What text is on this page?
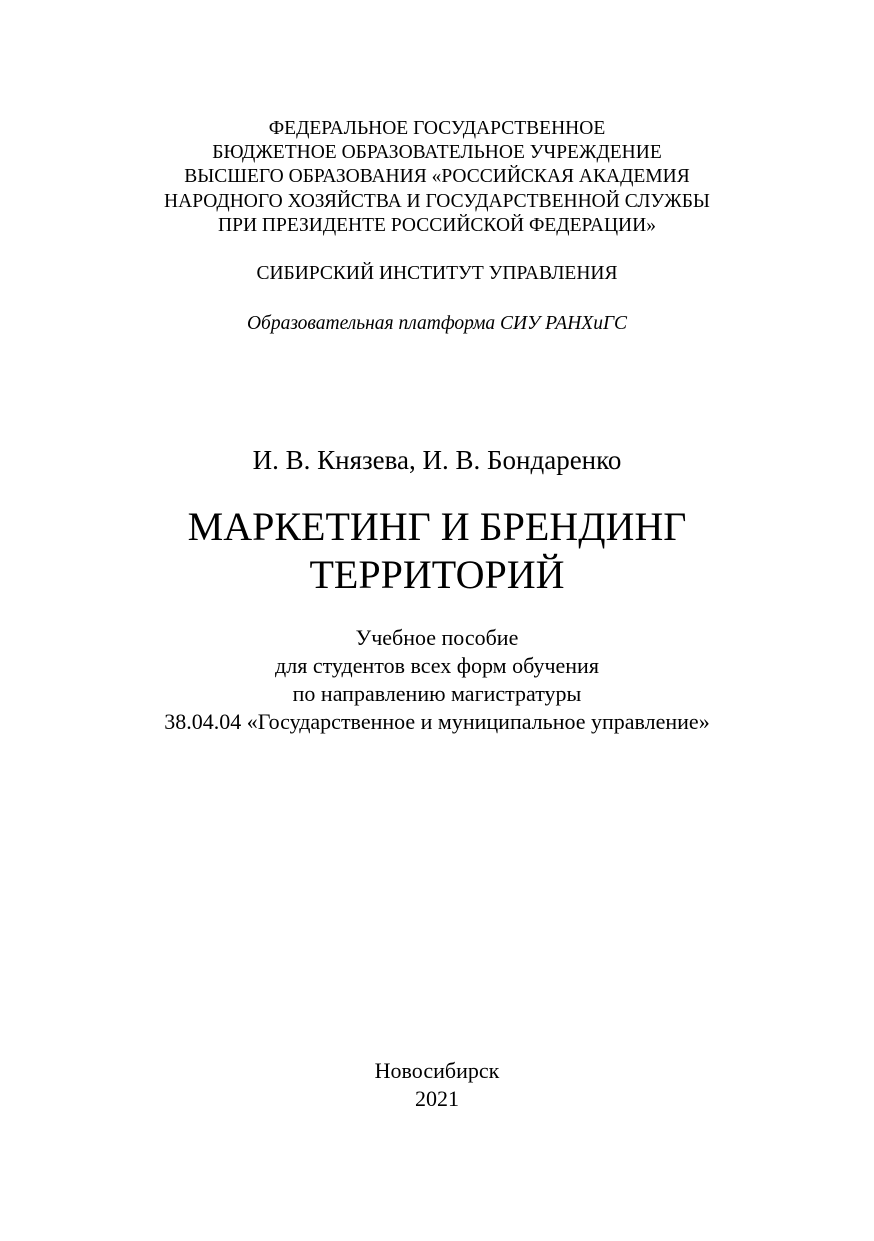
ФЕДЕРАЛЬНОЕ ГОСУДАРСТВЕННОЕ
БЮДЖЕТНОЕ ОБРАЗОВАТЕЛЬНОЕ УЧРЕЖДЕНИЕ
ВЫСШЕГО ОБРАЗОВАНИЯ «РОССИЙСКАЯ АКАДЕМИЯ
НАРОДНОГО ХОЗЯЙСТВА И ГОСУДАРСТВЕННОЙ СЛУЖБЫ
ПРИ ПРЕЗИДЕНТЕ РОССИЙСКОЙ ФЕДЕРАЦИИ»
СИБИРСКИЙ ИНСТИТУТ УПРАВЛЕНИЯ
Образовательная платформа СИУ РАНХиГС
И. В. Князева, И. В. Бондаренко
МАРКЕТИНГ И БРЕНДИНГ
ТЕРРИТОРИЙ
Учебное пособие
для студентов всех форм обучения
по направлению магистратуры
38.04.04 «Государственное и муниципальное управление»
Новосибирск
2021
